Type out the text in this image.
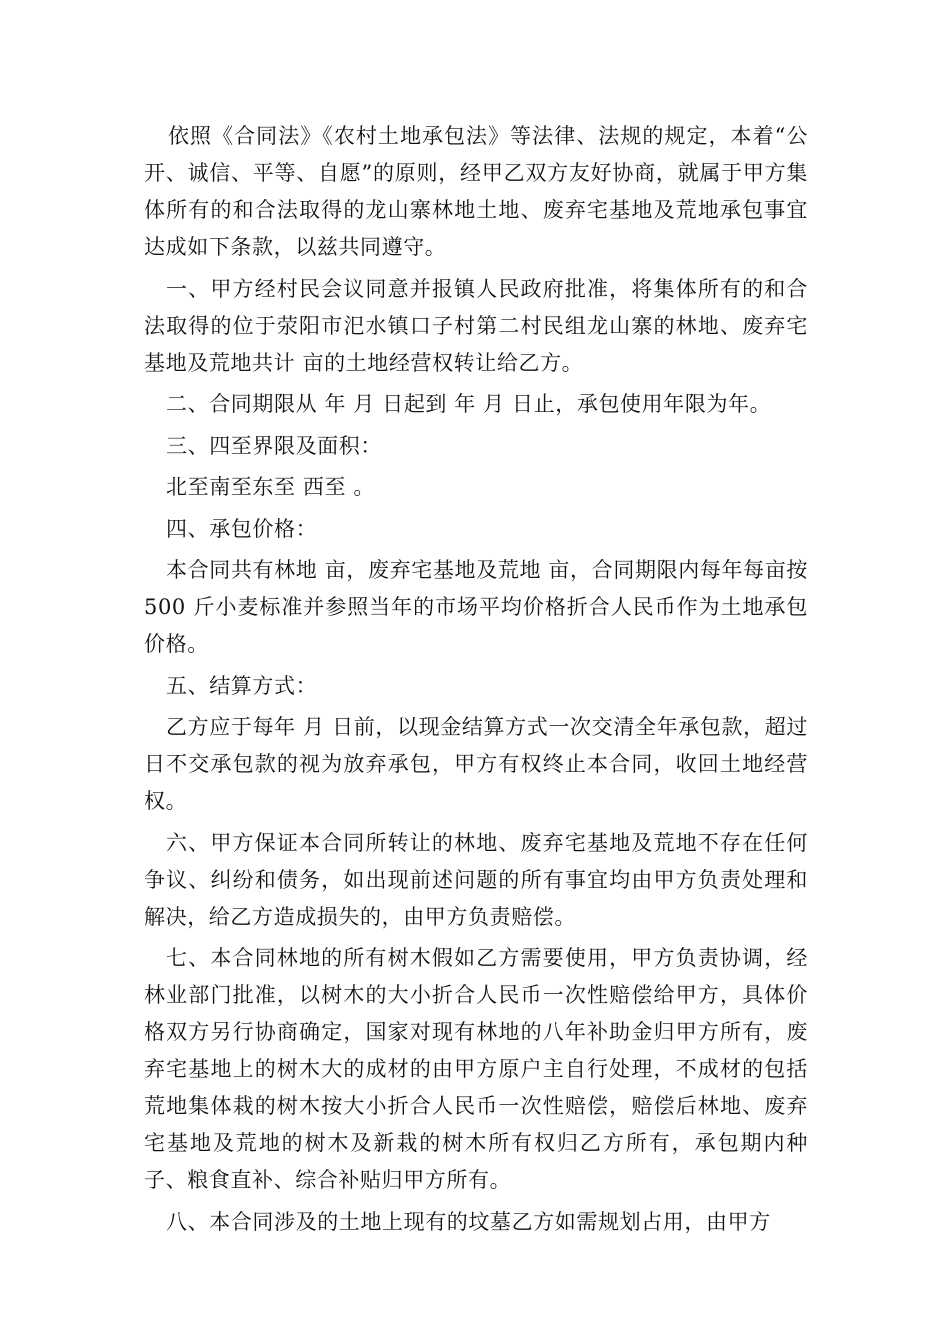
依照《合同法》《农村土地承包法》等法律、法规的规定，本着“公开、诚信、平等、自愿”的原则，经甲乙双方友好协商，就属于甲方集体所有的和合法取得的龙山寨林地土地、废弃宅基地及荒地承包事宜达成如下条款，以兹共同遵守。

一、甲方经村民会议同意并报镇人民政府批准，将集体所有的和合法取得的位于荥阳市汜水镇口子村第二村民组龙山寨的林地、废弃宅基地及荒地共计 亩的土地经营权转让给乙方。

二、合同期限从 年 月 日起到 年 月 日止，承包使用年限为年。

三、四至界限及面积：

北至南至东至 西至 。

四、承包价格：

本合同共有林地 亩，废弃宅基地及荒地 亩，合同期限内每年每亩按 500 斤小麦标准并参照当年的市场平均价格折合人民币作为土地承包价格。

五、结算方式：

乙方应于每年 月 日前，以现金结算方式一次交清全年承包款，超过 日不交承包款的视为放弃承包，甲方有权终止本合同，收回土地经营权。

六、甲方保证本合同所转让的林地、废弃宅基地及荒地不存在任何争议、纠纷和债务，如出现前述问题的所有事宜均由甲方负责处理和解决，给乙方造成损失的，由甲方负责赔偿。

七、本合同林地的所有树木假如乙方需要使用，甲方负责协调，经林业部门批准，以树木的大小折合人民币一次性赔偿给甲方，具体价格双方另行协商确定，国家对现有林地的八年补助金归甲方所有，废弃宅基地上的树木大的成材的由甲方原户主自行处理，不成材的包括荒地集体栽的树木按大小折合人民币一次性赔偿，赔偿后林地、废弃宅基地及荒地的树木及新栽的树木所有权归乙方所有，承包期内种子、粮食直补、综合补贴归甲方所有。

八、本合同涉及的土地上现有的坟墓乙方如需规划占用，由甲方
